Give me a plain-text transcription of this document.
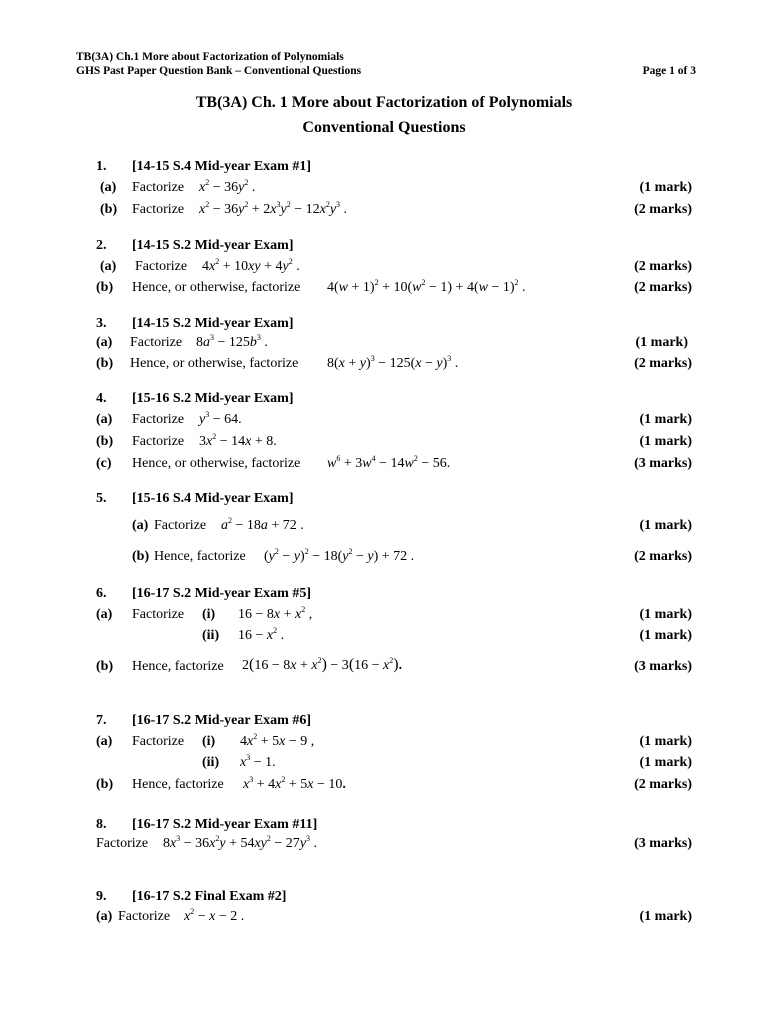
TB(3A) Ch.1 More about Factorization of Polynomials
GHS Past Paper Question Bank – Conventional Questions	Page 1 of 3
TB(3A) Ch. 1 More about Factorization of Polynomials
Conventional Questions
1. [14-15 S.4 Mid-year Exam #1]
(a) Factorize $x^2 - 36y^2$ .	(1 mark)
(b) Factorize $x^2 - 36y^2 + 2x^3y^2 - 12x^2y^3$ .	(2 marks)
2. [14-15 S.2 Mid-year Exam]
(a) Factorize $4x^2 + 10xy + 4y^2$ .	(2 marks)
(b) Hence, or otherwise, factorize $4(w + 1)^2 + 10(w^2 - 1) + 4(w - 1)^2$ .	(2 marks)
3. [14-15 S.2 Mid-year Exam]
(a) Factorize $8a^3 - 125b^3$ .	(1 mark)
(b) Hence, or otherwise, factorize $8(x + y)^3 - 125(x - y)^3$ .	(2 marks)
4. [15-16 S.2 Mid-year Exam]
(a) Factorize $y^3 - 64$.	(1 mark)
(b) Factorize $3x^2 - 14x + 8$.	(1 mark)
(c) Hence, or otherwise, factorize $w^6 + 3w^4 - 14w^2 - 56$.	(3 marks)
5. [15-16 S.4 Mid-year Exam]
(a) Factorize $a^2 - 18a + 72$ .	(1 mark)
(b) Hence, factorize $(y^2 - y)^2 - 18(y^2 - y) + 72$ .	(2 marks)
6. [16-17 S.2 Mid-year Exam #5]
(a) Factorize (i) $16 - 8x + x^2$ ,	(1 mark)
(ii) $16 - x^2$ .	(1 mark)
(b) Hence, factorize $2(16 - 8x + x^2) - 3(16 - x^2)$.	(3 marks)
7. [16-17 S.2 Mid-year Exam #6]
(a) Factorize (i) $4x^2 + 5x - 9$ ,	(1 mark)
(ii) $x^3 - 1$.	(1 mark)
(b) Hence, factorize $x^3 + 4x^2 + 5x - 10$.	(2 marks)
8. [16-17 S.2 Mid-year Exam #11]
Factorize $8x^3 - 36x^2y + 54xy^2 - 27y^3$ .	(3 marks)
9. [16-17 S.2 Final Exam #2]
(a) Factorize $x^2 - x - 2$ .	(1 mark)
